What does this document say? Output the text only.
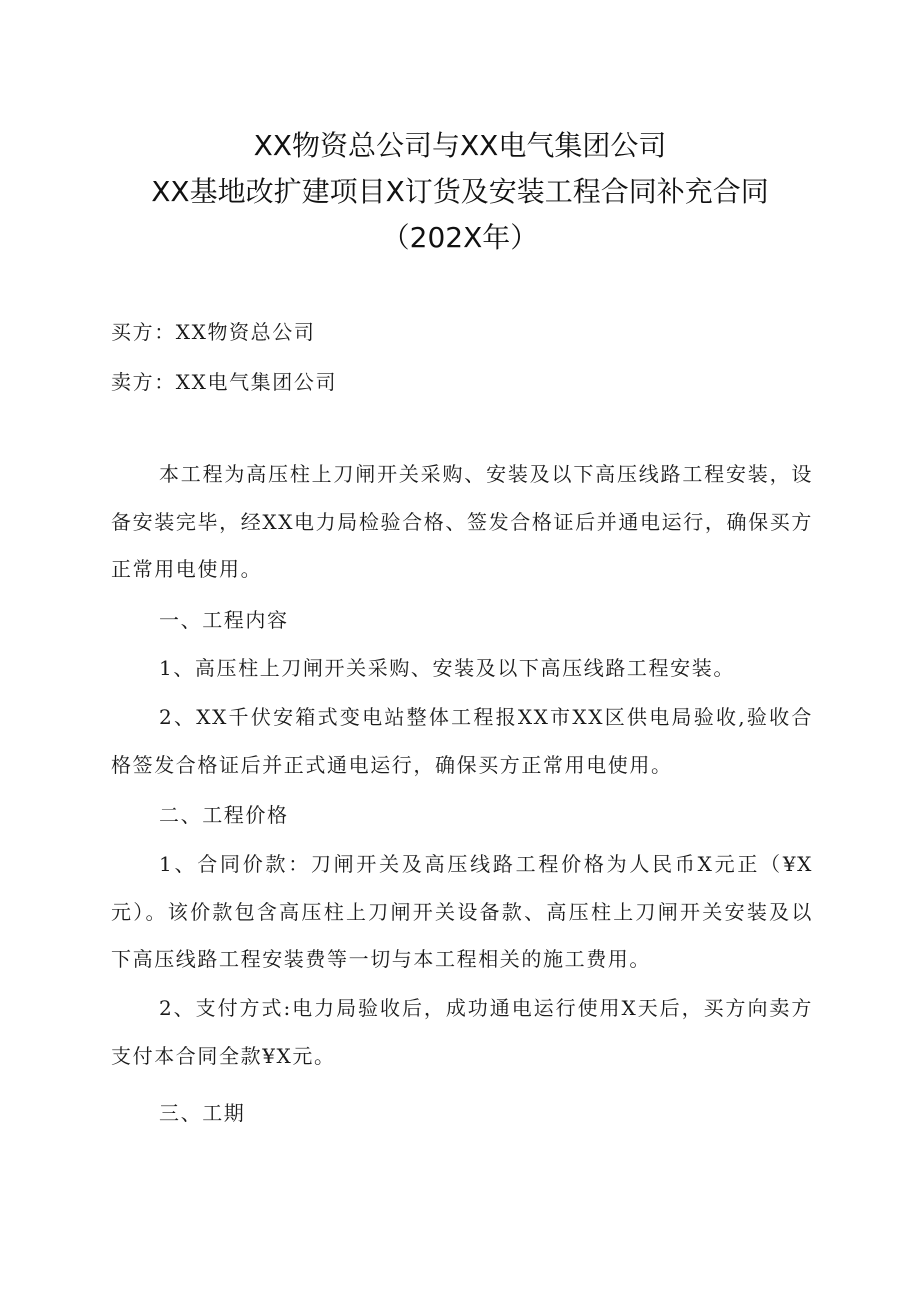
XX物资总公司与XX电气集团公司
XX基地改扩建项目X订货及安装工程合同补充合同
（202X年）
买方：XX物资总公司
卖方：XX电气集团公司
本工程为高压柱上刀闸开关采购、安装及以下高压线路工程安装，设备安装完毕，经XX电力局检验合格、签发合格证后并通电运行，确保买方正常用电使用。
一、工程内容
1、高压柱上刀闸开关采购、安装及以下高压线路工程安装。
2、XX千伏安箱式变电站整体工程报XX市XX区供电局验收,验收合格签发合格证后并正式通电运行，确保买方正常用电使用。
二、工程价格
1、合同价款：刀闸开关及高压线路工程价格为人民币X元正（¥X元）。该价款包含高压柱上刀闸开关设备款、高压柱上刀闸开关安装及以下高压线路工程安装费等一切与本工程相关的施工费用。
2、支付方式:电力局验收后，成功通电运行使用X天后，买方向卖方支付本合同全款¥X元。
三、工期
